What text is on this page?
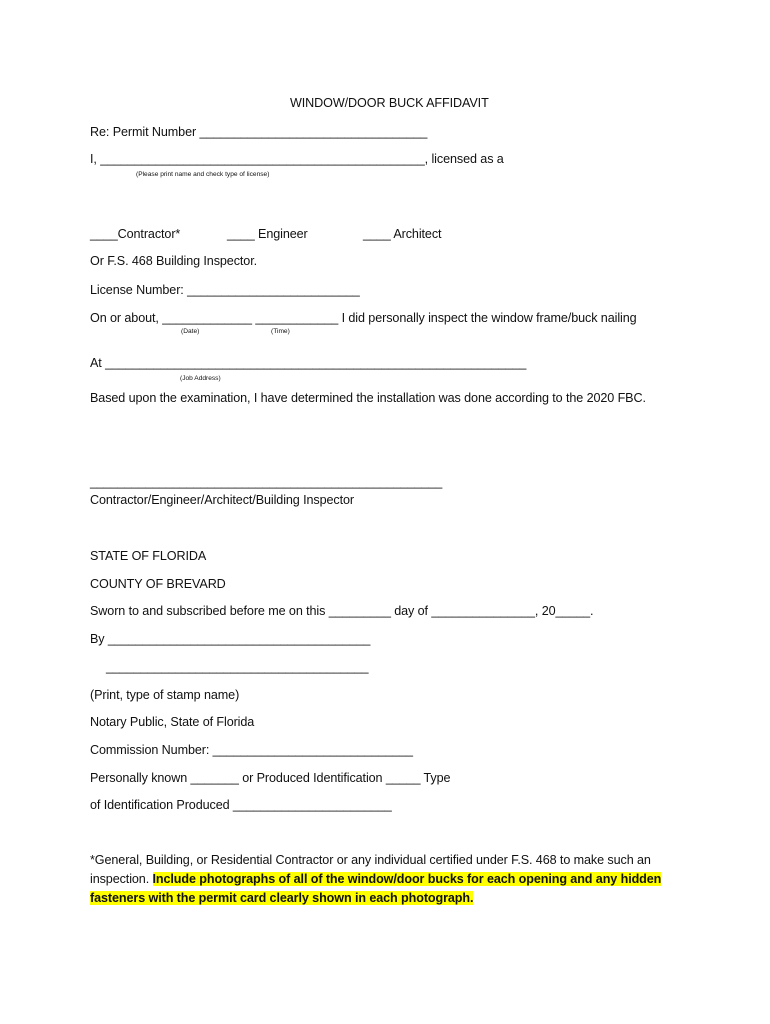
WINDOW/DOOR BUCK AFFIDAVIT
Re: Permit Number _________________________________
I, _______________________________________________, licensed as a
(Please print name and check type of license)
____Contractor*	____ Engineer	____ Architect
Or F.S. 468 Building Inspector.
License Number: _________________________
On or about, _____________ ____________ I did personally inspect the window frame/buck nailing
(Date)	(Time)
At _____________________________________________________________
(Job Address)
Based upon the examination, I have determined the installation was done according to the 2020 FBC.
___________________________________________________
Contractor/Engineer/Architect/Building Inspector
STATE OF FLORIDA
COUNTY OF BREVARD
Sworn to and subscribed before me on this _________ day of _______________, 20_____.
By ______________________________________
______________________________________
(Print, type of stamp name)
Notary Public, State of Florida
Commission Number: _____________________________
Personally known _______ or Produced Identification _____ Type
of Identification Produced _______________________
*General, Building, or Residential Contractor or any individual certified under F.S. 468 to make such an
inspection. Include photographs of all of the window/door bucks for each opening and any hidden
fasteners with the permit card clearly shown in each photograph.
